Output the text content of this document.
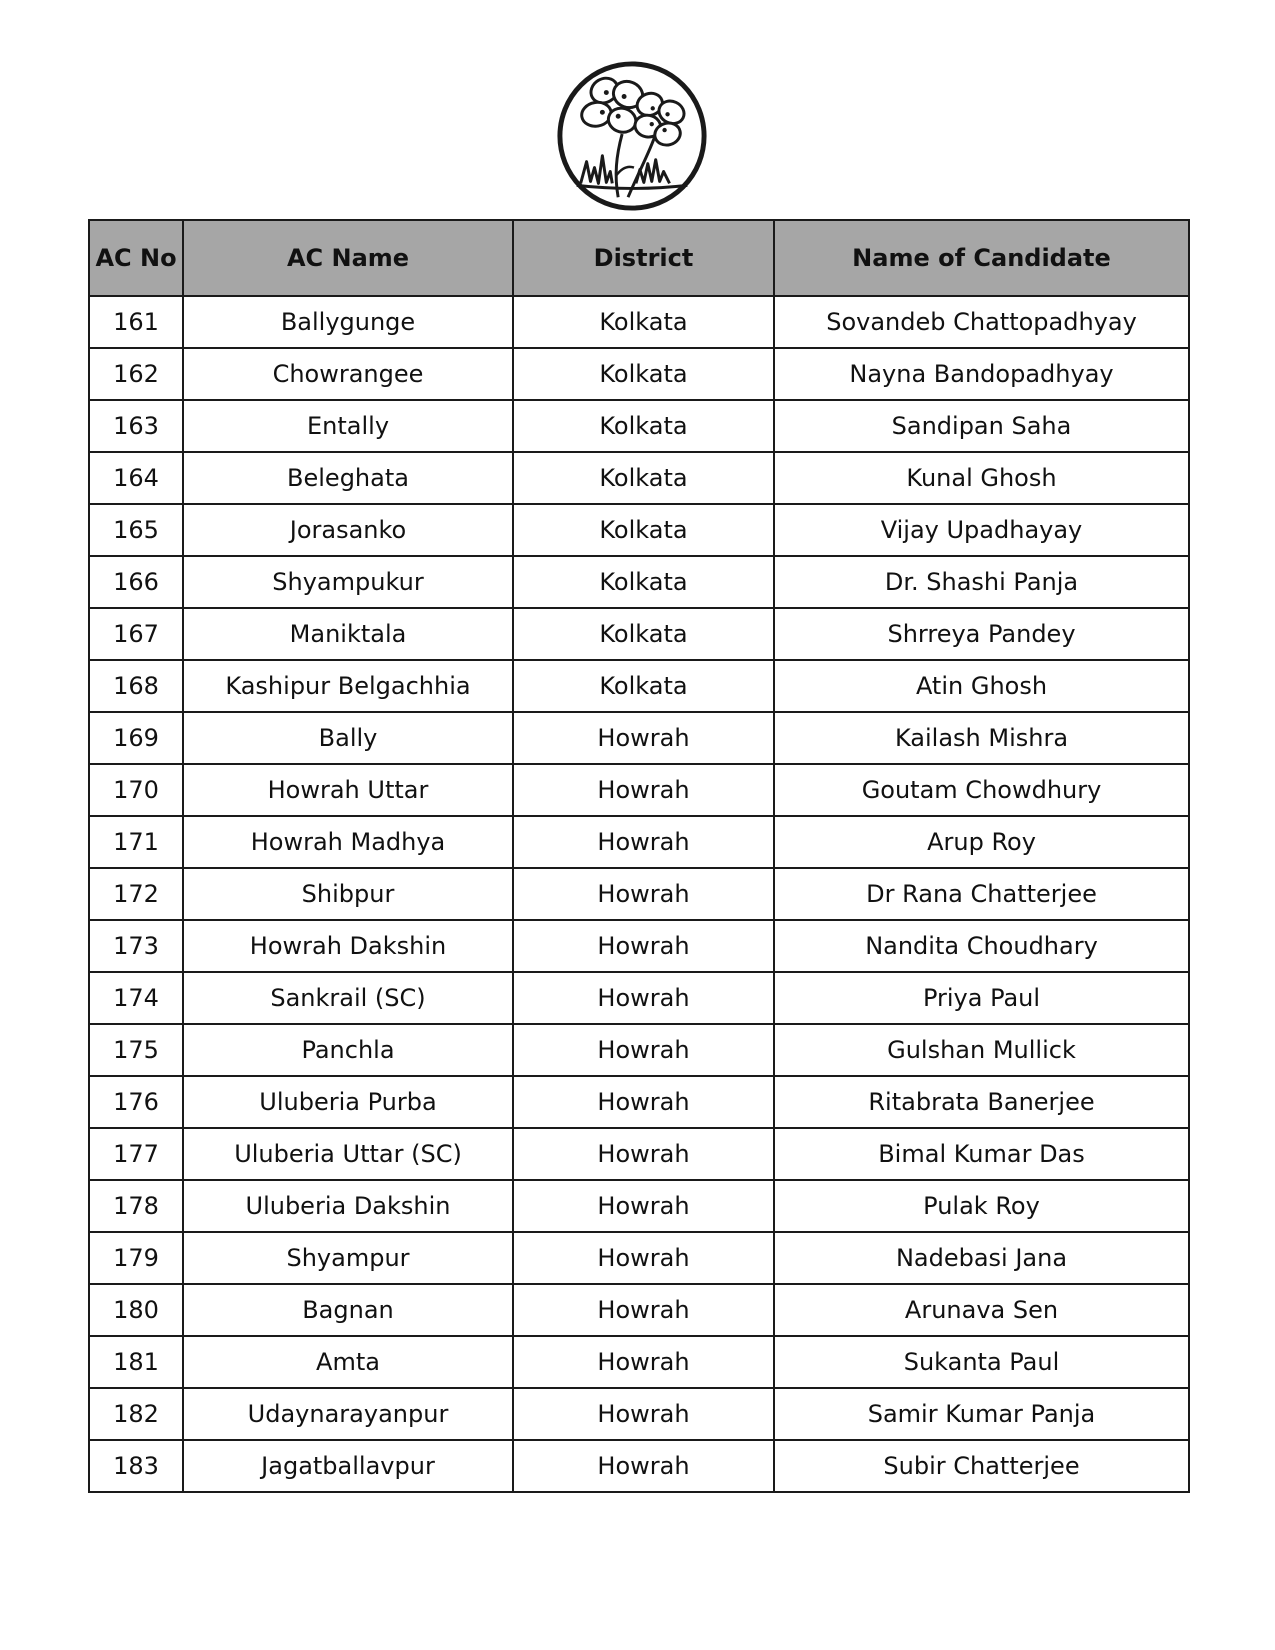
AC No	AC Name	District	Name of Candidate
161	Ballygunge	Kolkata	Sovandeb Chattopadhyay
162	Chowrangee	Kolkata	Nayna Bandopadhyay
163	Entally	Kolkata	Sandipan Saha
164	Beleghata	Kolkata	Kunal Ghosh
165	Jorasanko	Kolkata	Vijay Upadhayay
166	Shyampukur	Kolkata	Dr. Shashi Panja
167	Maniktala	Kolkata	Shrreya Pandey
168	Kashipur Belgachhia	Kolkata	Atin Ghosh
169	Bally	Howrah	Kailash Mishra
170	Howrah Uttar	Howrah	Goutam Chowdhury
171	Howrah Madhya	Howrah	Arup Roy
172	Shibpur	Howrah	Dr Rana Chatterjee
173	Howrah Dakshin	Howrah	Nandita Choudhary
174	Sankrail (SC)	Howrah	Priya Paul
175	Panchla	Howrah	Gulshan Mullick
176	Uluberia Purba	Howrah	Ritabrata Banerjee
177	Uluberia Uttar (SC)	Howrah	Bimal Kumar Das
178	Uluberia Dakshin	Howrah	Pulak Roy
179	Shyampur	Howrah	Nadebasi Jana
180	Bagnan	Howrah	Arunava Sen
181	Amta	Howrah	Sukanta Paul
182	Udaynarayanpur	Howrah	Samir Kumar Panja
183	Jagatballavpur	Howrah	Subir Chatterjee
